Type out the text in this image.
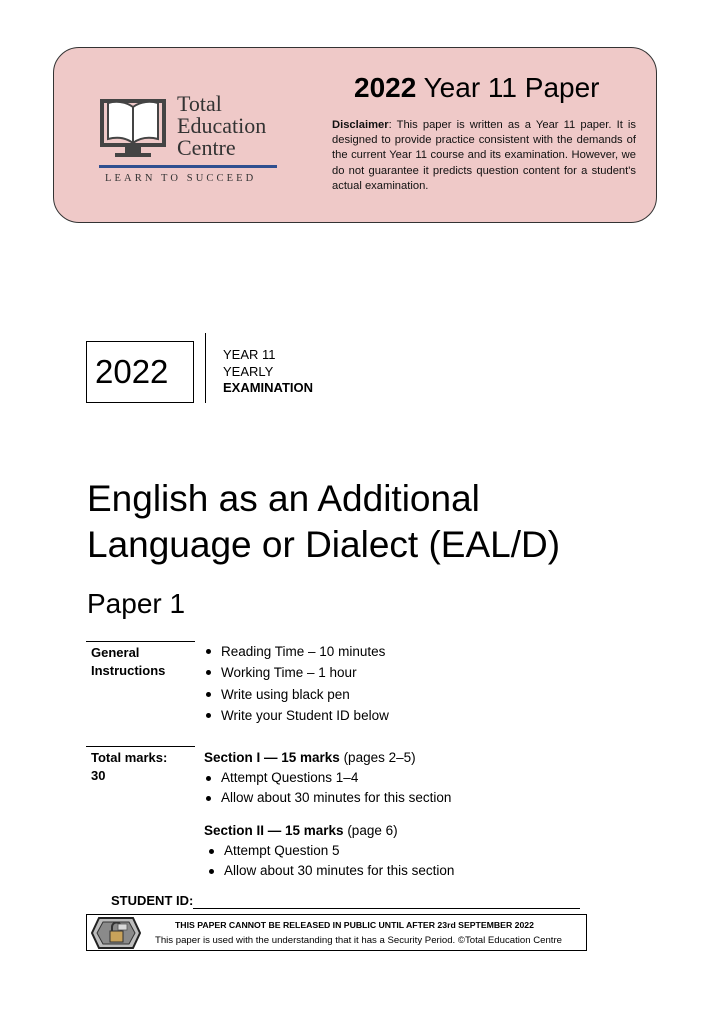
Total
Education
Centre
LEARN TO SUCCEED
2022 Year 11 Paper
Disclaimer: This paper is written as a Year 11 paper. It is designed to provide practice consistent with the demands of the current Year 11 course and its examination. However, we do not guarantee it predicts question content for a student's actual examination.
2022	YEAR 11
YEARLY
EXAMINATION
English as an Additional
Language or Dialect (EAL/D)
Paper 1
General
Instructions
Reading Time – 10 minutes
Working Time – 1 hour
Write using black pen
Write your Student ID below
Total marks:
30
Section I — 15 marks (pages 2–5)
Attempt Questions 1–4
Allow about 30 minutes for this section
Section II — 15 marks (page 6)
Attempt Question 5
Allow about 30 minutes for this section
STUDENT ID:
THIS PAPER CANNOT BE RELEASED IN PUBLIC UNTIL AFTER 23rd SEPTEMBER 2022
This paper is used with the understanding that it has a Security Period. ©Total Education Centre
